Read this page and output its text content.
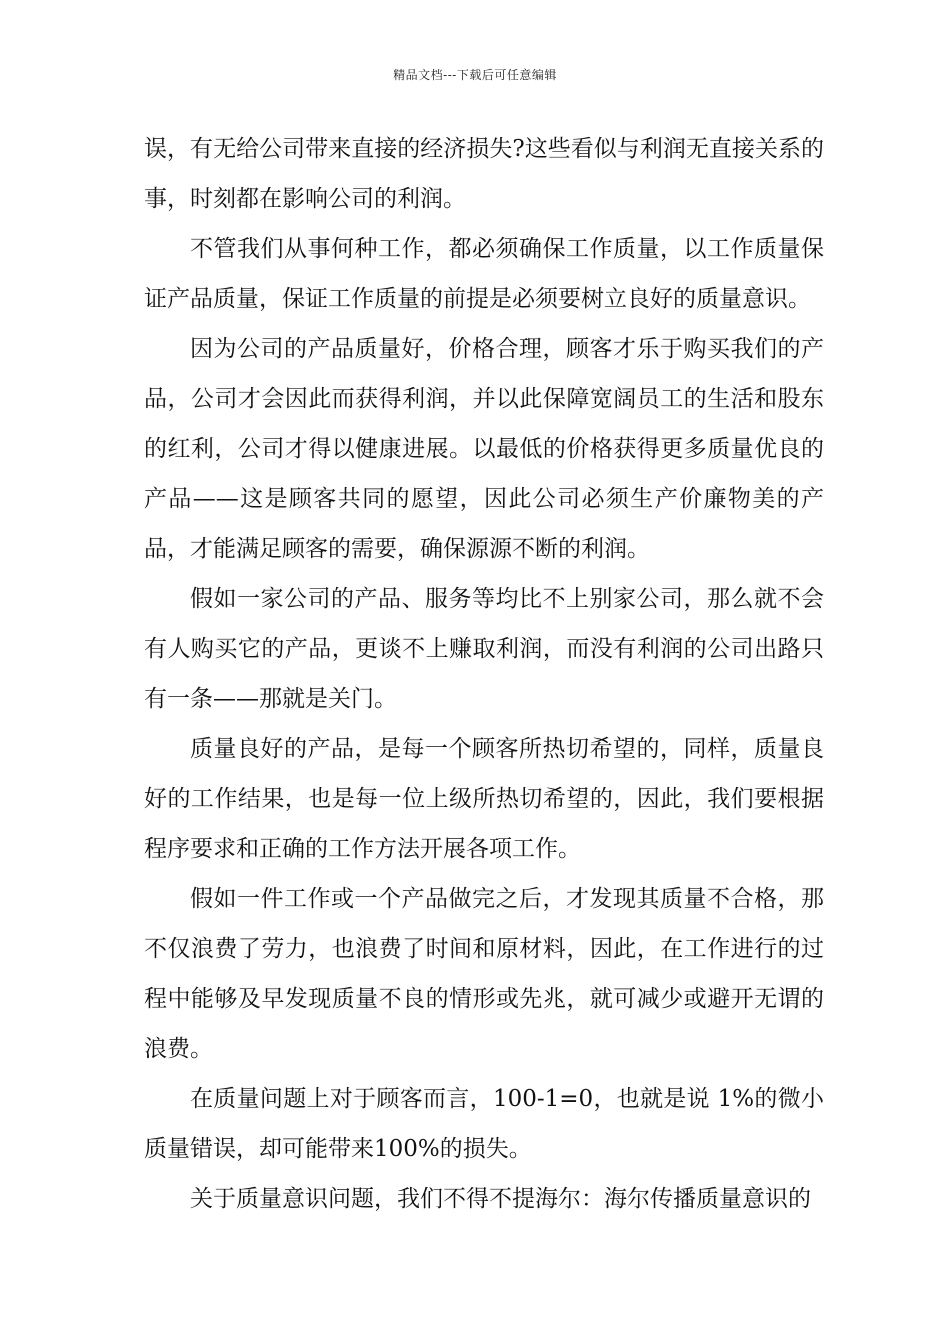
精品文档---下载后可任意编辑

误，有无给公司带来直接的经济损失?这些看似与利润无直接关系的事，时刻都在影响公司的利润。

不管我们从事何种工作，都必须确保工作质量，以工作质量保证产品质量，保证工作质量的前提是必须要树立良好的质量意识。

因为公司的产品质量好，价格合理，顾客才乐于购买我们的产品，公司才会因此而获得利润，并以此保障宽阔员工的生活和股东的红利，公司才得以健康进展。以最低的价格获得更多质量优良的产品——这是顾客共同的愿望，因此公司必须生产价廉物美的产品，才能满足顾客的需要，确保源源不断的利润。

假如一家公司的产品、服务等均比不上别家公司，那么就不会有人购买它的产品，更谈不上赚取利润，而没有利润的公司出路只有一条——那就是关门。

质量良好的产品，是每一个顾客所热切希望的，同样，质量良好的工作结果，也是每一位上级所热切希望的，因此，我们要根据程序要求和正确的工作方法开展各项工作。

假如一件工作或一个产品做完之后，才发现其质量不合格，那不仅浪费了劳力，也浪费了时间和原材料，因此，在工作进行的过程中能够及早发现质量不良的情形或先兆，就可减少或避开无谓的浪费。

在质量问题上对于顾客而言，100-1=0，也就是说 1%的微小质量错误，却可能带来100%的损失。

关于质量意识问题，我们不得不提海尔：海尔传播质量意识的
